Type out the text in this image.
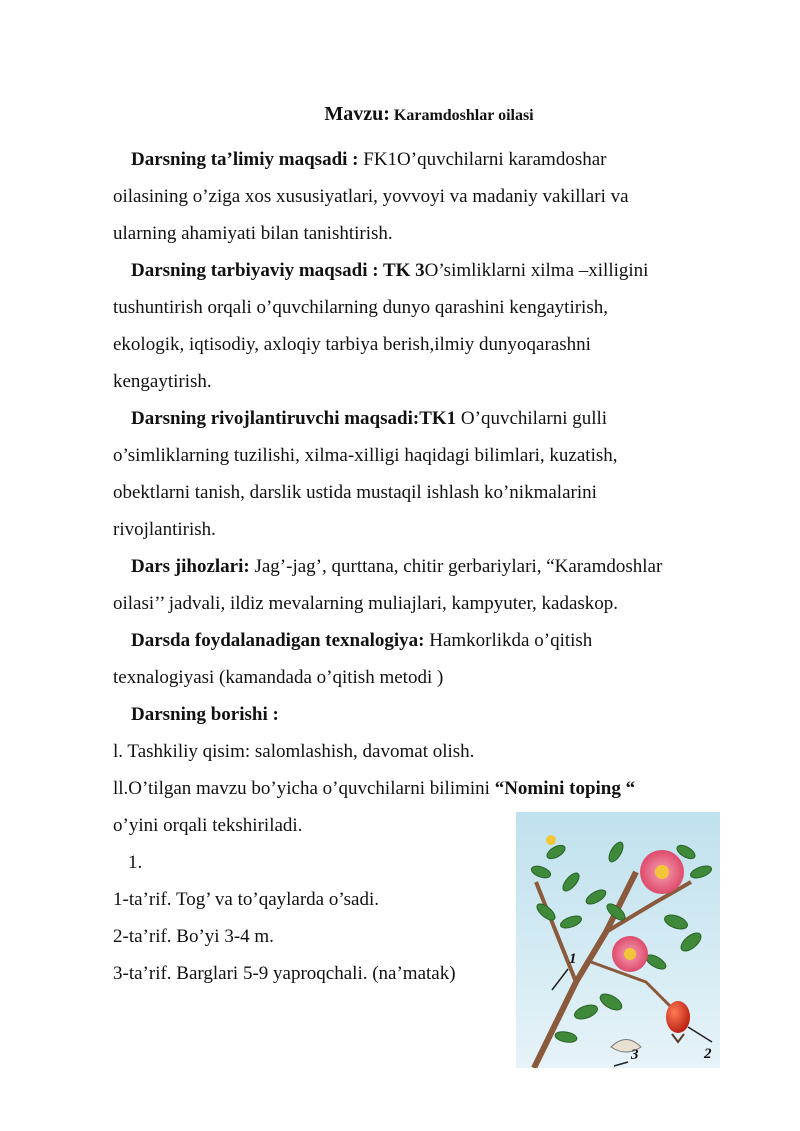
Mavzu: Karamdoshlar oilasi
Darsning ta’limiy maqsadi : FK1O’quvchilarni karamdoshar
oilasining o’ziga xos xususiyatlari, yovvoyi va madaniy vakillari va
ularning ahamiyati bilan tanishtirish.
Darsning tarbiyaviy maqsadi : TK 3O’simliklarni xilma –xilligini
tushuntirish orqali o’quvchilarning dunyo qarashini kengaytirish,
ekologik, iqtisodiy, axloqiy tarbiya berish,ilmiy dunyoqarashni
kengaytirish.
Darsning rivojlantiruvchi maqsadi:TK1 O’quvchilarni gulli
o’simliklarning tuzilishi, xilma-xilligi haqidagi bilimlari, kuzatish,
obektlarni tanish, darslik ustida mustaqil ishlash ko’nikmalarini
rivojlantirish.
Dars jihozlari: Jag’-jag’, qurttana, chitir gerbariylari, “Karamdoshlar
oilasi’’ jadvali, ildiz mevalarning muliajlari, kampyuter, kadaskop.
Darsda foydalanadigan texnalogiya: Hamkorlikda o’qitish
texnalogiyasi (kamandada o’qitish metodi )
Darsning borishi :
l. Tashkiliy qisim: salomlashish, davomat olish.
ll.O’tilgan mavzu bo’yicha o’quvchilarni bilimini “Nomini toping “
o’yini orqali tekshiriladi.
1.
1-ta’rif. Tog’ va to’qaylarda o’sadi.
2-ta’rif. Bo’yi 3-4 m.
3-ta’rif. Barglari 5-9 yaproqchali. (na’matak)
1
2
3
